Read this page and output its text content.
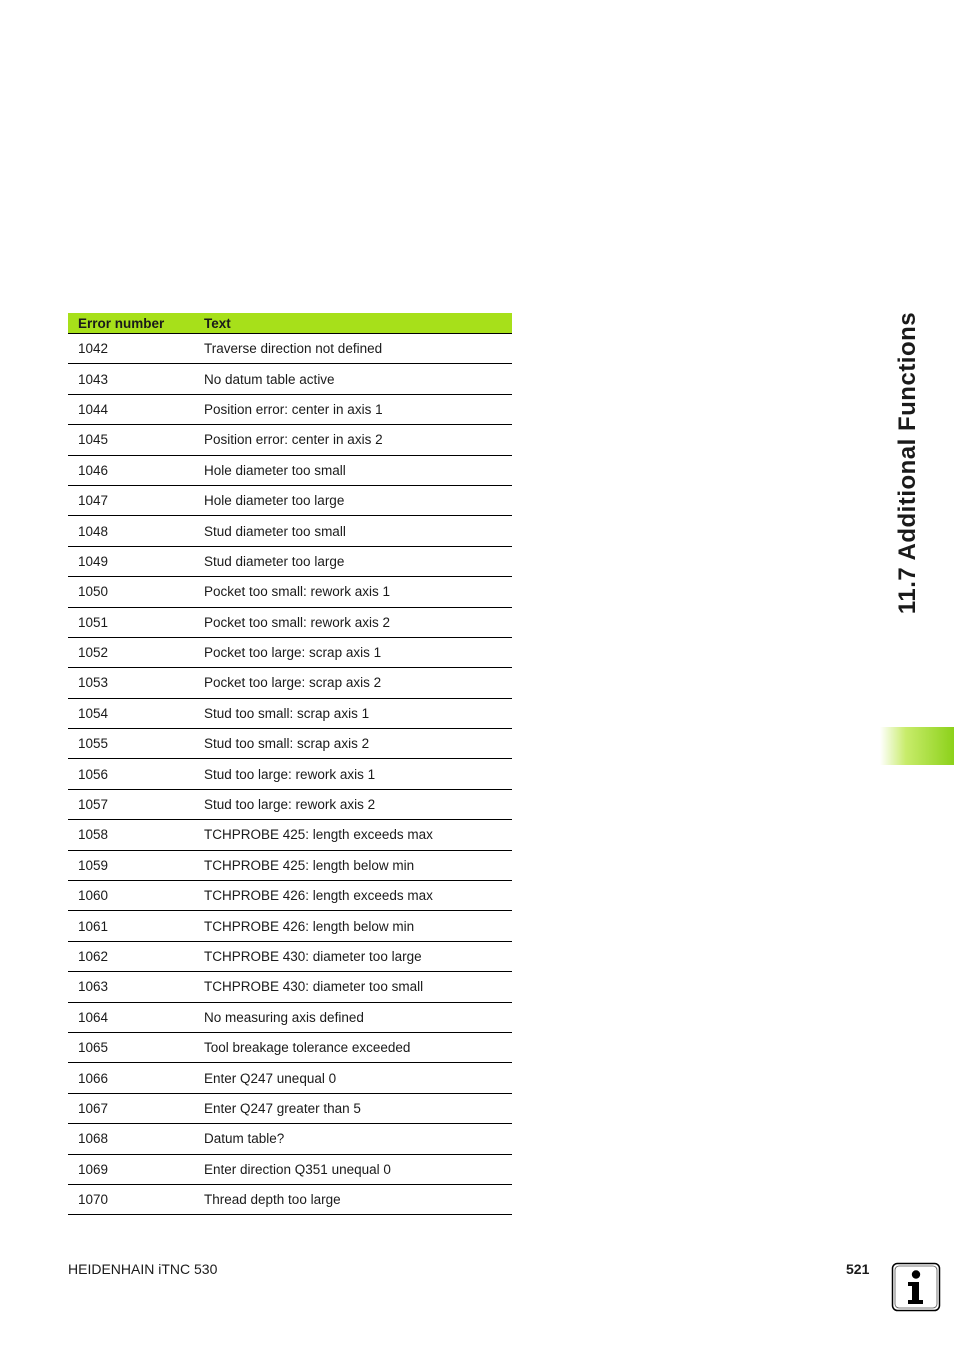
Error number	Text
1042	Traverse direction not defined
1043	No datum table active
1044	Position error: center in axis 1
1045	Position error: center in axis 2
1046	Hole diameter too small
1047	Hole diameter too large
1048	Stud diameter too small
1049	Stud diameter too large
1050	Pocket too small: rework axis 1
1051	Pocket too small: rework axis 2
1052	Pocket too large: scrap axis 1
1053	Pocket too large: scrap axis 2
1054	Stud too small: scrap axis 1
1055	Stud too small: scrap axis 2
1056	Stud too large: rework axis 1
1057	Stud too large: rework axis 2
1058	TCHPROBE 425: length exceeds max
1059	TCHPROBE 425: length below min
1060	TCHPROBE 426: length exceeds max
1061	TCHPROBE 426: length below min
1062	TCHPROBE 430: diameter too large
1063	TCHPROBE 430: diameter too small
1064	No measuring axis defined
1065	Tool breakage tolerance exceeded
1066	Enter Q247 unequal 0
1067	Enter Q247 greater than 5
1068	Datum table?
1069	Enter direction Q351 unequal 0
1070	Thread depth too large
11.7 Additional Functions
HEIDENHAIN iTNC 530	521
